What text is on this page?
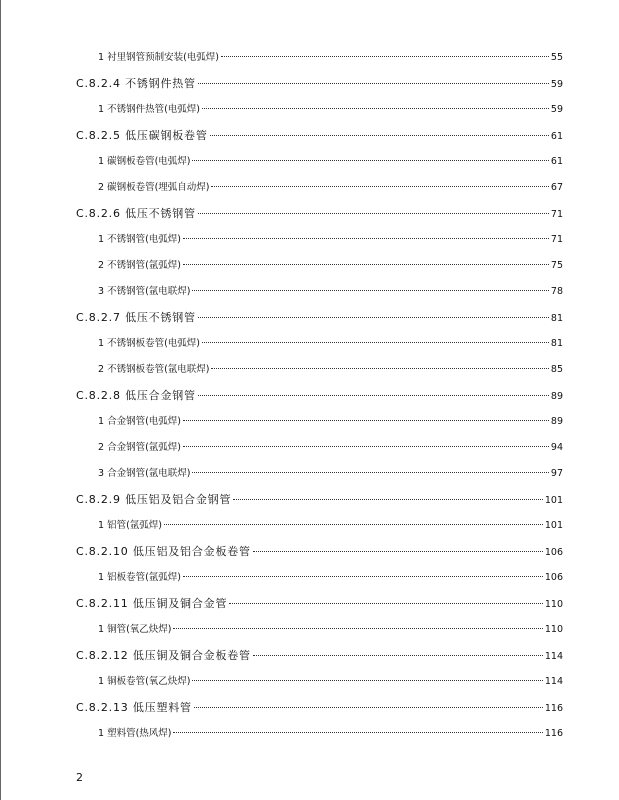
1 衬里钢管预制安装(电弧焊)	55
C.8.2.4 不锈钢件热管	59
1 不锈钢件热管(电弧焊)	59
C.8.2.5 低压碳钢板卷管	61
1 碳钢板卷管(电弧焊)	61
2 碳钢板卷管(埋弧自动焊)	67
C.8.2.6 低压不锈钢管	71
1 不锈钢管(电弧焊)	71
2 不锈钢管(氩弧焊)	75
3 不锈钢管(氩电联焊)	78
C.8.2.7 低压不锈钢管	81
1 不锈钢板卷管(电弧焊)	81
2 不锈钢板卷管(氩电联焊)	85
C.8.2.8 低压合金钢管	89
1 合金钢管(电弧焊)	89
2 合金钢管(氩弧焊)	94
3 合金钢管(氩电联焊)	97
C.8.2.9 低压铝及铝合金钢管	101
1 铝管(氩弧焊)	101
C.8.2.10 低压铝及铝合金板卷管	106
1 铝板卷管(氩弧焊)	106
C.8.2.11 低压铜及铜合金管	110
1 铜管(氧乙炔焊)	110
C.8.2.12 低压铜及铜合金板卷管	114
1 铜板卷管(氧乙炔焊)	114
C.8.2.13 低压塑料管	116
1 塑料管(热风焊)	116
2
